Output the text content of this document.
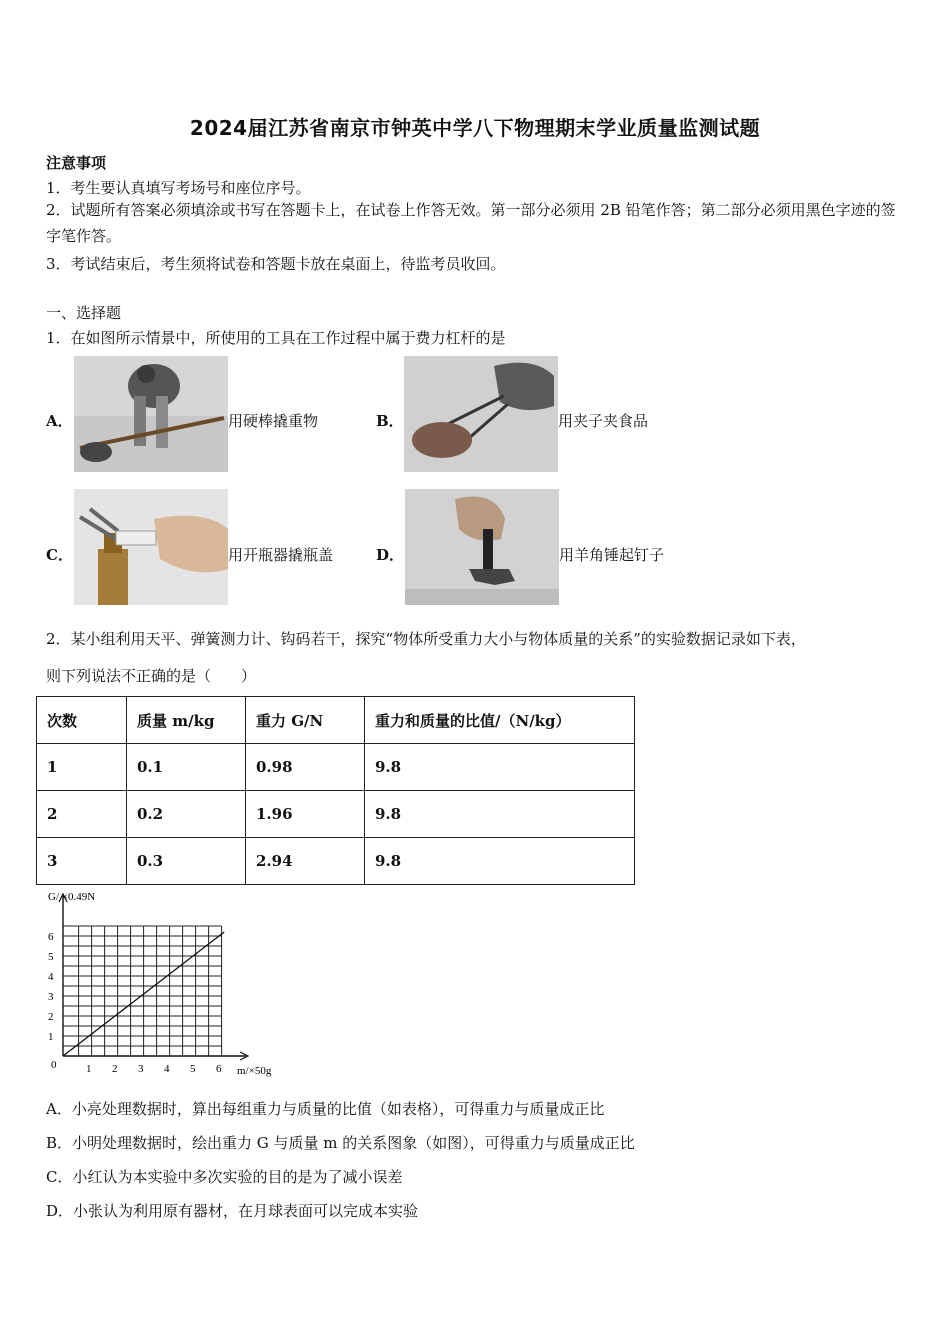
2024届江苏省南京市钟英中学八下物理期末学业质量监测试题
注意事项
1．考生要认真填写考场号和座位序号。
2．试题所有答案必须填涂或书写在答题卡上，在试卷上作答无效。第一部分必须用 2B 铅笔作答；第二部分必须用黑色字迹的签字笔作答。
3．考试结束后，考生须将试卷和答题卡放在桌面上，待监考员收回。
一、选择题
1．在如图所示情景中，所使用的工具在工作过程中属于费力杠杆的是
A．	用硬棒撬重物	B．	用夹子夹食品
C．	用开瓶器撬瓶盖	D．	用羊角锤起钉子
2．某小组利用天平、弹簧测力计、钩码若干，探究“物体所受重力大小与物体质量的关系”的实验数据记录如下表，
则下列说法不正确的是（　　）
次数	质量 m/kg	重力 G/N	重力和质量的比值/（N/kg）
1	0.1	0.98	9.8
2	0.2	1.96	9.8
3	0.3	2.94	9.8
G/ ×0.49N
m/×50g
0	1 2 3 4 5 6
1
2
3
4
5
6
A．小亮处理数据时，算出每组重力与质量的比值（如表格），可得重力与质量成正比
B．小明处理数据时，绘出重力 G 与质量 m 的关系图象（如图），可得重力与质量成正比
C．小红认为本实验中多次实验的目的是为了减小误差
D．小张认为利用原有器材，在月球表面可以完成本实验
